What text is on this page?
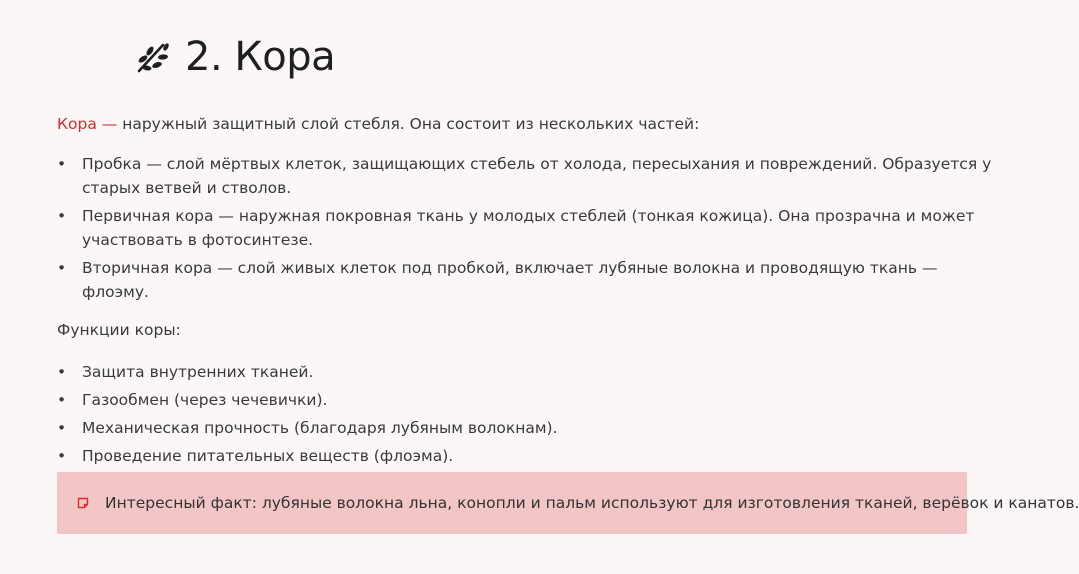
2. Кора

Кора — наружный защитный слой стебля. Она состоит из нескольких частей:

• Пробка — слой мёртвых клеток, защищающих стебель от холода, пересыхания и повреждений. Образуется у старых ветвей и стволов.
• Первичная кора — наружная покровная ткань у молодых стеблей (тонкая кожица). Она прозрачна и может участвовать в фотосинтезе.
• Вторичная кора — слой живых клеток под пробкой, включает лубяные волокна и проводящую ткань — флоэму.

Функции коры:

• Защита внутренних тканей.
• Газообмен (через чечевички).
• Механическая прочность (благодаря лубяным волокнам).
• Проведение питательных веществ (флоэма).
Интересный факт: лубяные волокна льна, конопли и пальм используют для изготовления тканей, верёвок и канатов.
